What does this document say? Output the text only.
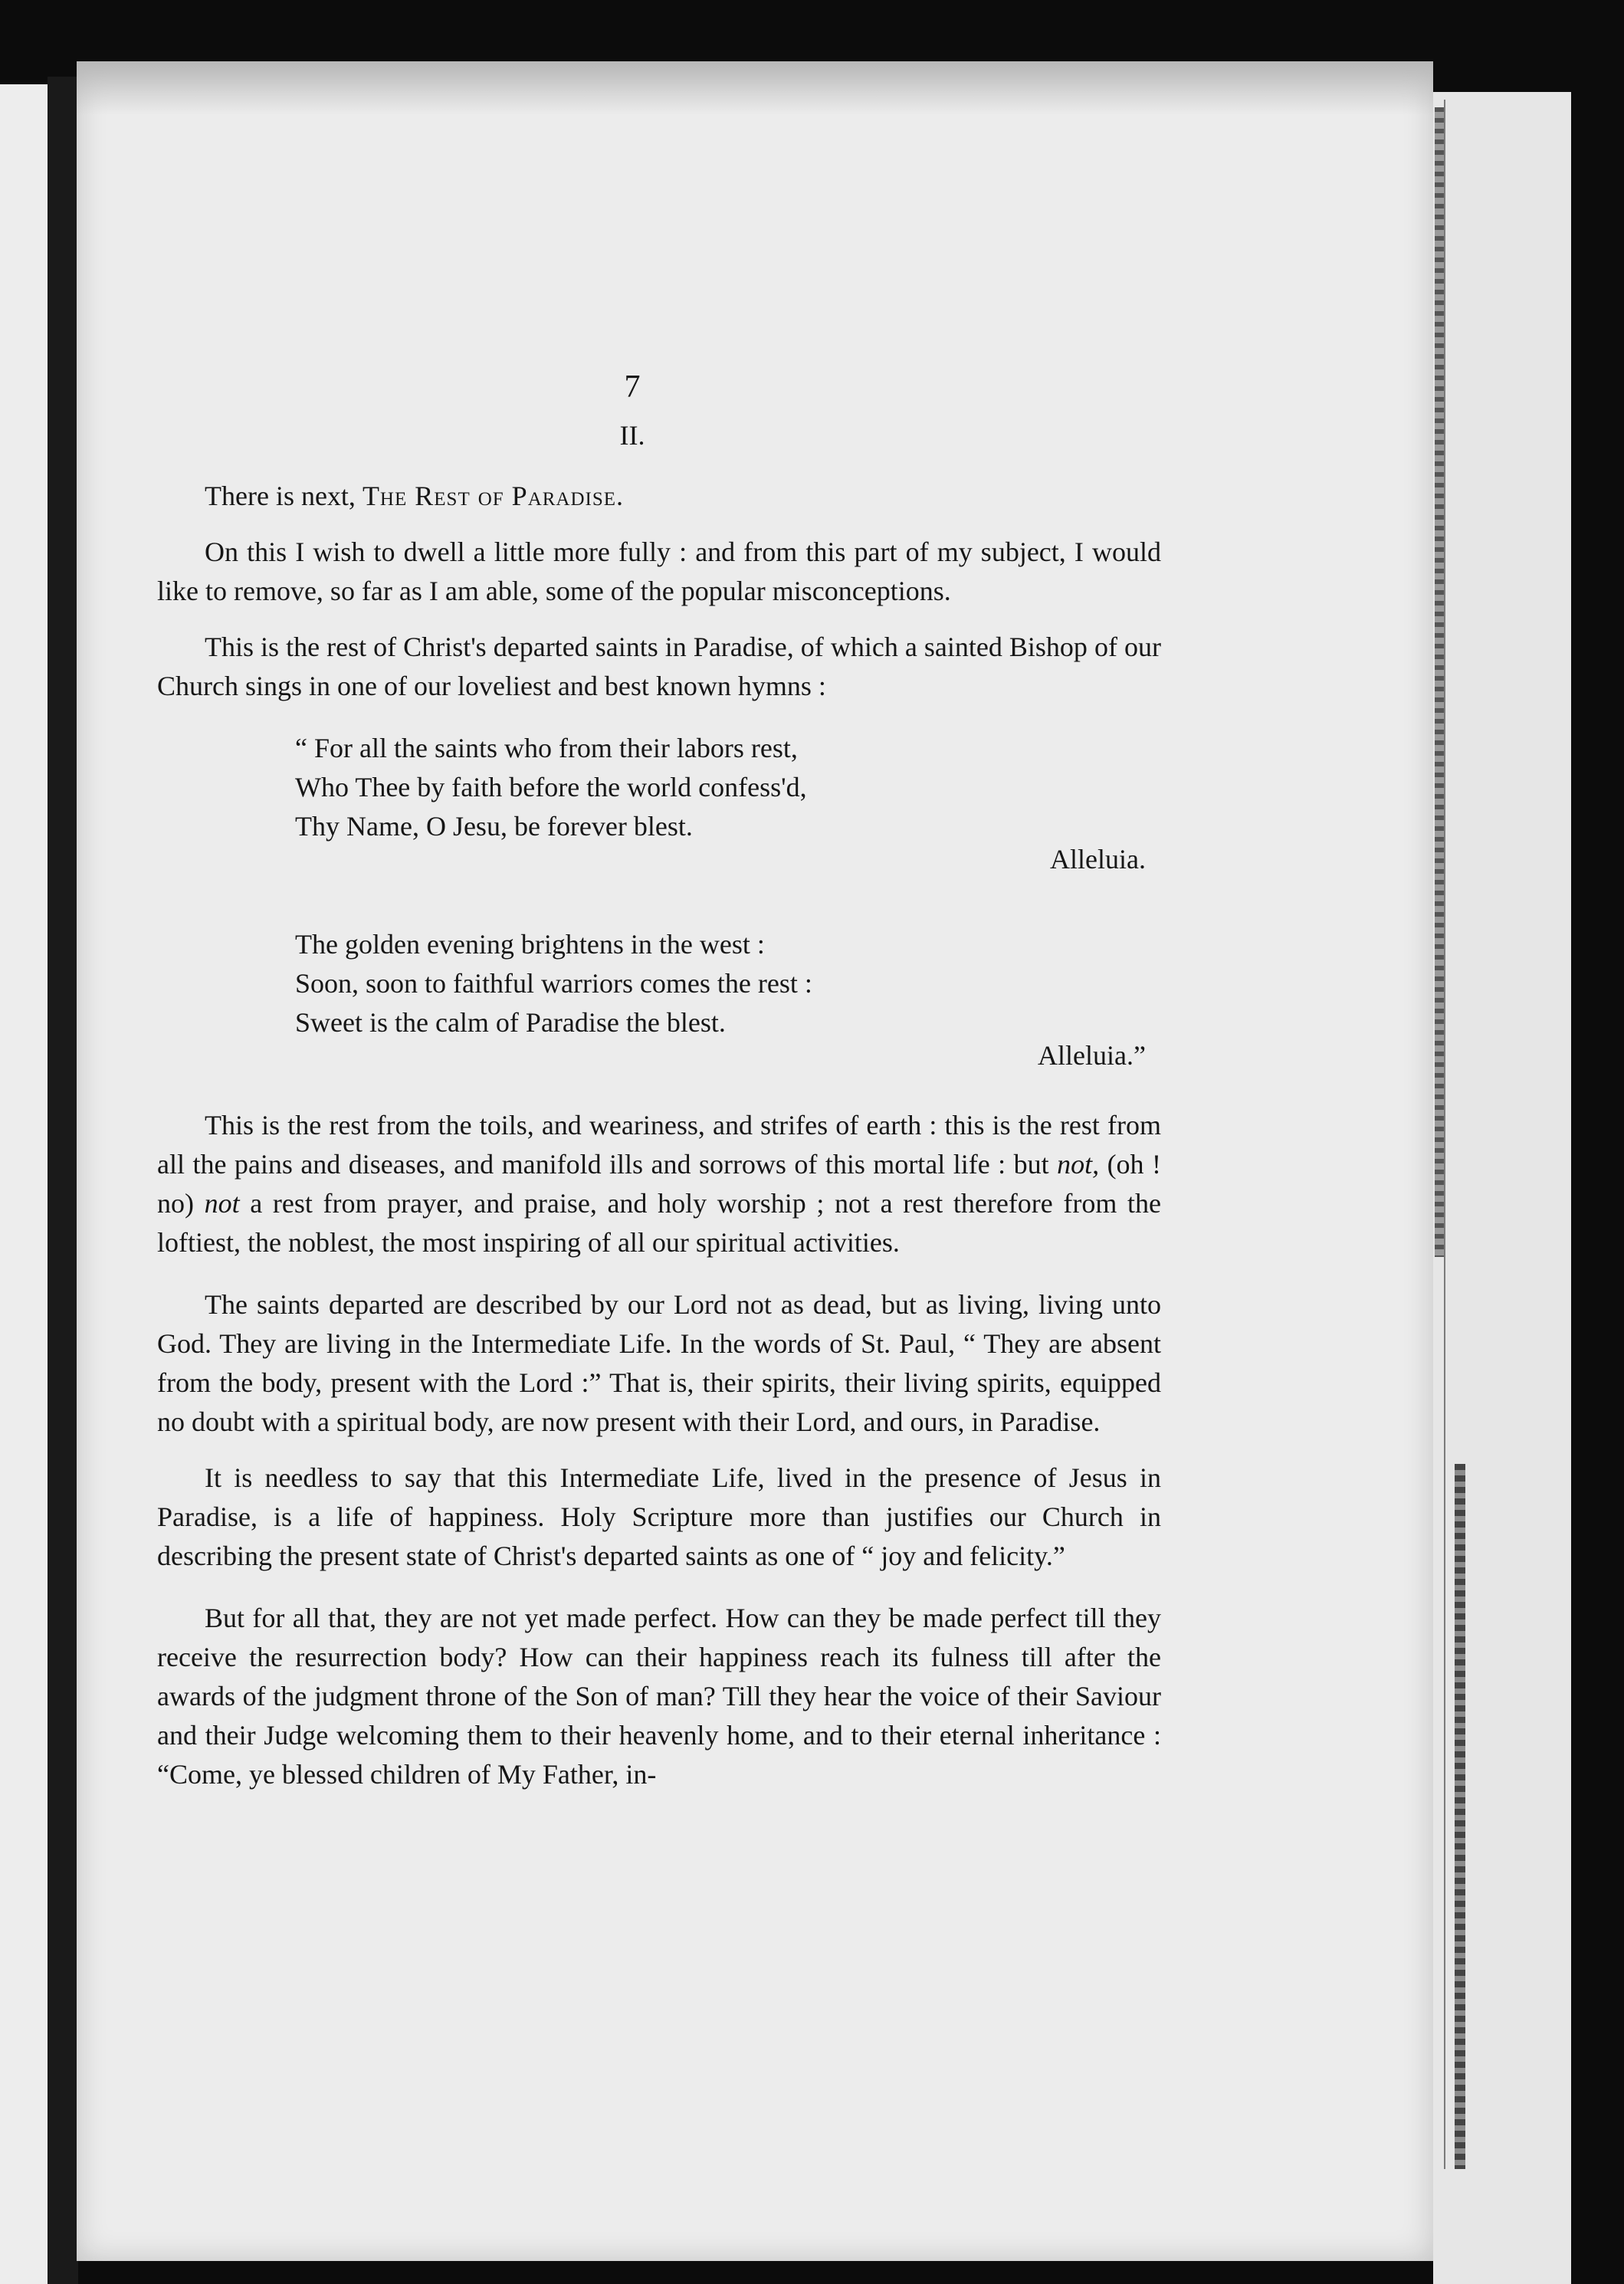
7
II.

There is next, The Rest of Paradise.

On this I wish to dwell a little more fully : and from this part of my subject, I would like to remove, so far as I am able, some of the popular misconceptions.

This is the rest of Christ's departed saints in Paradise, of which a sainted Bishop of our Church sings in one of our loveliest and best known hymns :

“ For all the saints who from their labors rest,
Who Thee by faith before the world confess'd,
Thy Name, O Jesu, be forever blest.
Alleluia.
The golden evening brightens in the west :
Soon, soon to faithful warriors comes the rest :
Sweet is the calm of Paradise the blest.
Alleluia.”

This is the rest from the toils, and weariness, and strifes of earth : this is the rest from all the pains and diseases, and manifold ills and sorrows of this mortal life : but not, (oh ! no) not a rest from prayer, and praise, and holy worship ; not a rest therefore from the loftiest, the noblest, the most inspiring of all our spiritual activities.

The saints departed are described by our Lord not as dead, but as living, living unto God. They are living in the Intermediate Life. In the words of St. Paul, “ They are absent from the body, present with the Lord :” That is, their spirits, their living spirits, equipped no doubt with a spiritual body, are now present with their Lord, and ours, in Paradise.

It is needless to say that this Intermediate Life, lived in the presence of Jesus in Paradise, is a life of happiness. Holy Scripture more than justifies our Church in describing the present state of Christ's departed saints as one of “ joy and felicity.”

But for all that, they are not yet made perfect. How can they be made perfect till they receive the resurrection body? How can their happiness reach its fulness till after the awards of the judgment throne of the Son of man? Till they hear the voice of their Saviour and their Judge welcoming them to their heavenly home, and to their eternal inheritance : “Come, ye blessed children of My Father, in-
